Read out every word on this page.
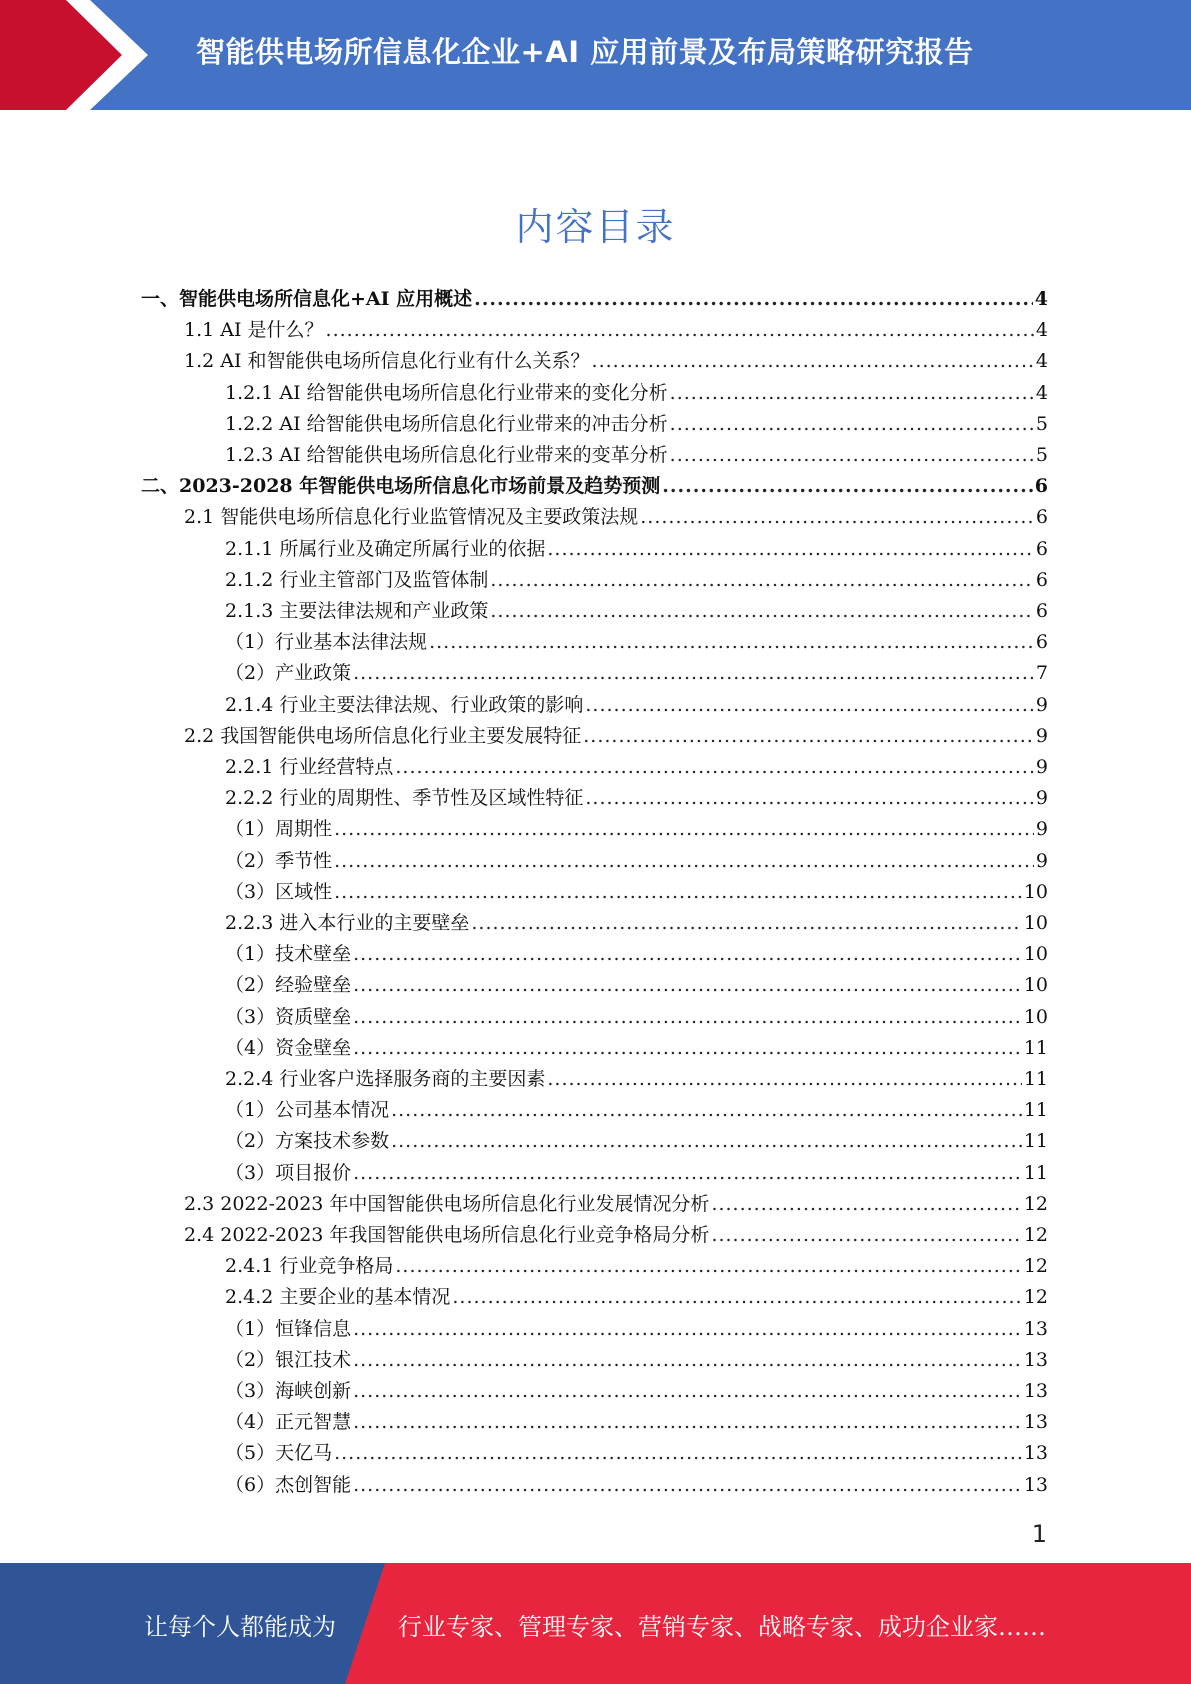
智能供电场所信息化企业+AI 应用前景及布局策略研究报告
内容目录
一、智能供电场所信息化+AI 应用概述 .....	4
1.1 AI 是什么？ .....	4
1.2 AI 和智能供电场所信息化行业有什么关系？ .....	4
1.2.1 AI 给智能供电场所信息化行业带来的变化分析 .....	4
1.2.2 AI 给智能供电场所信息化行业带来的冲击分析 .....	5
1.2.3 AI 给智能供电场所信息化行业带来的变革分析 .....	5
二、2023-2028 年智能供电场所信息化市场前景及趋势预测 .....	6
2.1 智能供电场所信息化行业监管情况及主要政策法规 .....	6
2.1.1 所属行业及确定所属行业的依据 .....	6
2.1.2 行业主管部门及监管体制 .....	6
2.1.3 主要法律法规和产业政策 .....	6
（1）行业基本法律法规 .....	6
（2）产业政策 .....	7
2.1.4 行业主要法律法规、行业政策的影响 .....	9
2.2 我国智能供电场所信息化行业主要发展特征 .....	9
2.2.1 行业经营特点 .....	9
2.2.2 行业的周期性、季节性及区域性特征 .....	9
（1）周期性 .....	9
（2）季节性 .....	9
（3）区域性 .....	10
2.2.3 进入本行业的主要壁垒 .....	10
（1）技术壁垒 .....	10
（2）经验壁垒 .....	10
（3）资质壁垒 .....	10
（4）资金壁垒 .....	11
2.2.4 行业客户选择服务商的主要因素 .....	11
（1）公司基本情况 .....	11
（2）方案技术参数 .....	11
（3）项目报价 .....	11
2.3 2022-2023 年中国智能供电场所信息化行业发展情况分析 .....	12
2.4 2022-2023 年我国智能供电场所信息化行业竞争格局分析 .....	12
2.4.1 行业竞争格局 .....	12
2.4.2 主要企业的基本情况 .....	12
（1）恒锋信息 .....	13
（2）银江技术 .....	13
（3）海峡创新 .....	13
（4）正元智慧 .....	13
（5）天亿马 .....	13
（6）杰创智能 .....	13
1
让每个人都能成为	行业专家、管理专家、营销专家、战略专家、成功企业家……
